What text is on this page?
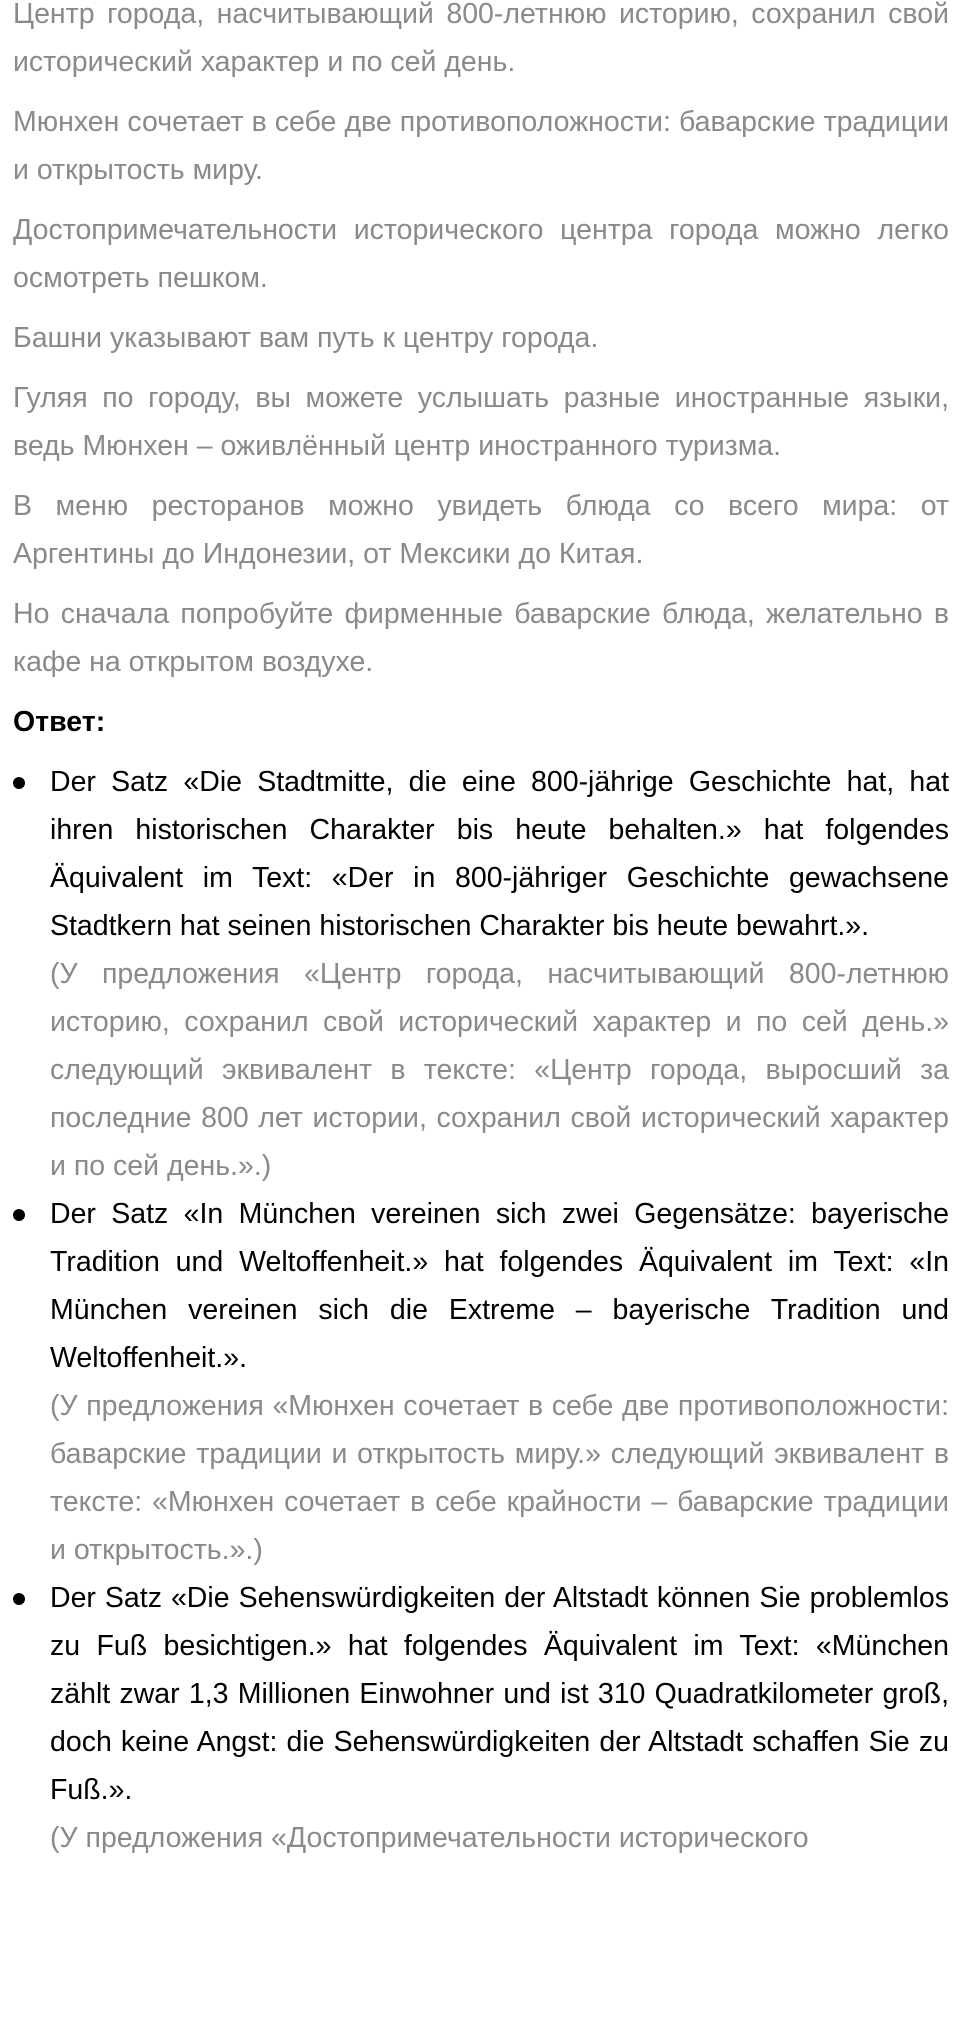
Центр города, насчитывающий 800-летнюю историю, сохранил свой исторический характер и по сей день.

Мюнхен сочетает в себе две противоположности: баварские традиции и открытость миру.

Достопримечательности исторического центра города можно легко осмотреть пешком.

Башни указывают вам путь к центру города.

Гуляя по городу, вы можете услышать разные иностранные языки, ведь Мюнхен – оживлённый центр иностранного туризма.

В меню ресторанов можно увидеть блюда со всего мира: от Аргентины до Индонезии, от Мексики до Китая.

Но сначала попробуйте фирменные баварские блюда, желательно в кафе на открытом воздухе.

Ответ:

Der Satz «Die Stadtmitte, die eine 800-jährige Geschichte hat, hat ihren historischen Charakter bis heute behalten.» hat folgendes Äquivalent im Text: «Der in 800-jähriger Geschichte gewachsene Stadtkern hat seinen historischen Charakter bis heute bewahrt.».

(У предложения «Центр города, насчитывающий 800-летнюю историю, сохранил свой исторический характер и по сей день.» следующий эквивалент в тексте: «Центр города, выросший за последние 800 лет истории, сохранил свой исторический характер и по сей день.».)

Der Satz «In München vereinen sich zwei Gegensätze: bayerische Tradition und Weltoffenheit.» hat folgendes Äquivalent im Text: «In München vereinen sich die Extreme – bayerische Tradition und Weltoffenheit.».

(У предложения «Мюнхен сочетает в себе две противоположности: баварские традиции и открытость миру.» следующий эквивалент в тексте: «Мюнхен сочетает в себе крайности – баварские традиции и открытость.».)

Der Satz «Die Sehenswürdigkeiten der Altstadt können Sie problemlos zu Fuß besichtigen.» hat folgendes Äquivalent im Text: «München zählt zwar 1,3 Millionen Einwohner und ist 310 Quadratkilometer groß, doch keine Angst: die Sehenswürdigkeiten der Altstadt schaffen Sie zu Fuß.».

(У предложения «Достопримечательности исторического
